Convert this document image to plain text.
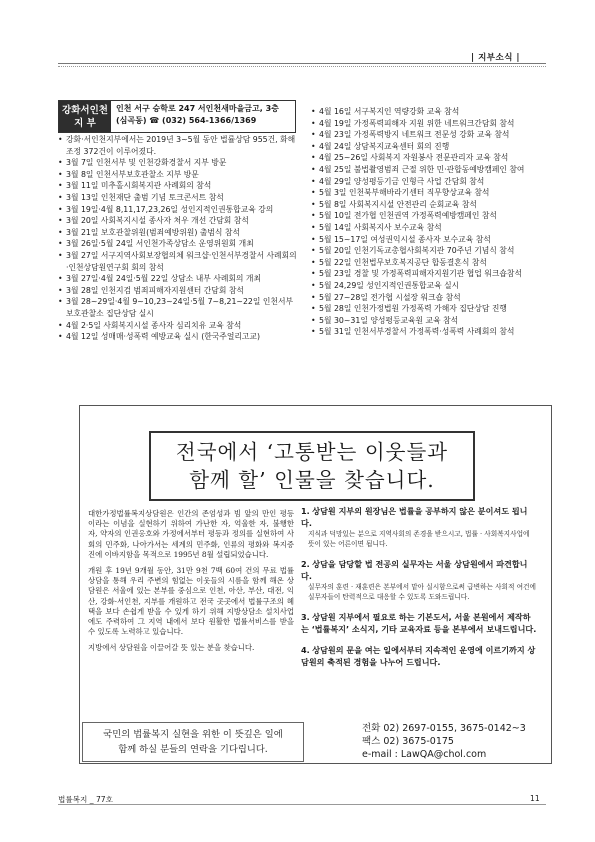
| 지부소식 |
강화서인천
지 부
인천 서구 승학로 247 서인천새마을금고, 3층
(심곡동) ☎ (032) 564-1366/1369
• 강화·서인천지부에서는 2019년 3~5월 동안 법률상담 955건, 화해조정 372건이 이루어졌다.
• 3월 7일 인천서부 및 인천강화경찰서 지부 방문
• 3월 8일 인천서부보호관찰소 지부 방문
• 3월 11일 미추홀시회복지관 사례회의 참석
• 3월 13일 인천재단 출범 기념 토크콘서트 참석
• 3월 19일·4월 8,11,17,23,26일 성인지적인권통합교육 강의
• 3월 20일 사회복지시설 종사자 처우 개선 간담회 참석
• 3월 21일 보호관찰위원(범죄예방위원) 출범식 참석
• 3월 26일·5월 24일 서인천가족상담소 운영위원회 개최
• 3월 27일 서구지역사회보장협의체 워크샵·인천서부경찰서 사례회의·인천상담원연구회 회의 참석
• 3월 27일·4월 24일·5월 22일 상담소 내부 사례회의 개최
• 3월 28일 인천지검 범죄피해자지원센터 간담회 참석
• 3월 28~29일·4월 9~10,23~24일·5월 7~8,21~22일 인천서부보호관찰소 집단상담 실시
• 4월 2·5일 사회복지시설 종사자 심리치유 교육 참석
• 4월 12일 성매매·성폭력 예방교육 실시 (한국주얼리고교)
• 4월 16일 서구복지인 역량강화 교육 참석
• 4월 19일 가정폭력피해자 지원 위한 네트워크간담회 참석
• 4월 23일 가정폭력방지 네트워크 전문성 강화 교육 참석
• 4월 24일 상담복지교육센터 회의 진행
• 4월 25~26일 사회복지 자원봉사 전문관리자 교육 참석
• 4월 25일 불법촬영범죄 근절 위한 민·관합동예방캠페인 참여
• 4월 29일 양성평등기금 인형극 사업 간담회 참석
• 5월 3일 인천북부해바라기센터 직무향상교육 참석
• 5월 8일 사회복지시설 안전관리 순회교육 참석
• 5월 10일 전가협 인천권역 가정폭력예방캠페인 참석
• 5월 14일 사회복지사 보수교육 참석
• 5월 15~17일 여성권익시설 종사자 보수교육 참석
• 5월 20일 인천기독교총협사회복지관 70주년 기념식 참석
• 5월 22일 인천법무보호복지공단 합동결혼식 참석
• 5월 23일 경찰 및 가정폭력피해자지원기관 협업 워크숍참석
• 5월 24,29일 성인지적인권통합교육 실시
• 5월 27~28일 전가협 시설장 워크숍 참석
• 5월 28일 인천가정법원 가정폭력 가해자 집단상담 진행
• 5월 30~31일 양성평등교육원 교육 참석
• 5월 31일 인천서부경찰서 가정폭력·성폭력 사례회의 참석
전국에서 ‘고통받는 이웃들과
함께 할’ 인물을 찾습니다.

대한가정법률복지상담원은 인간의 존엄성과 빔 앞의 만인 평등이라는 이념을 실현하기 위하여 가난한 자, 억울한 자, 불행한 자, 약자의 인권옹호와 가정에서부터 평등과 정의를 실현하여 사회의 민주화, 나아가서는 세계의 민주화, 인류의 평화와 복지증진에 이바지함을 목적으로 1995년 8월 설립되었습니다.

개원 후 19년 9개월 동안, 31만 9천 7백 60여 건의 무료 법률상담을 통해 우리 주변의 힘없는 이웃들의 시름을 함께 해온 상담원은 서울에 있는 본부를 중심으로 인천, 아산, 부산, 대전, 익산, 강화·서인천, 지부를 개원하고 전국 곳곳에서 법률구조의 혜택을 보다 손쉽게 받을 수 있게 하기 위해 지방상담소 설치사업에도 주력하여 그 지역 내에서 보다 원활한 법률서비스를 받을 수 있도록 노력하고 있습니다.

지방에서 상담원을 이끌어갈 뜻 있는 분을 찾습니다.

1. 상담원 지부의 원장님은 법률을 공부하지 않은 분이셔도 됩니다.
지식과 덕망있는 분으로 지역사회의 존경을 받으시고, 법률 · 사회복지사업에 뜻이 있는 어른이면 됩니다.
2. 상담을 담당할 법 전공의 실무자는 서울 상담원에서 파견합니다.
실무자의 훈련 · 재훈련은 본부에서 맡아 실시함으로써 급변하는 사회적 여건에 실무자들이 탄력적으로 대응할 수 있도록 도와드립니다.
3. 상담원 지부에서 필요로 하는 기본도서, 서울 본원에서 제작하는 ‘법률복지’ 소식지, 기타 교육자료 등을 본부에서 보내드립니다.
4. 상담원의 문을 여는 일에서부터 지속적인 운영에 이르기까지 상담원의 축적된 경험을 나누어 드립니다.
국민의 법률복지 실현을 위한 이 뜻깊은 일에
함께 하실 분들의 연락을 기다립니다.
전화 02) 2697-0155, 3675-0142~3
팩스 02) 3675-0175
e-mail : LawQA@chol.com
법률복지 _ 77호	11
